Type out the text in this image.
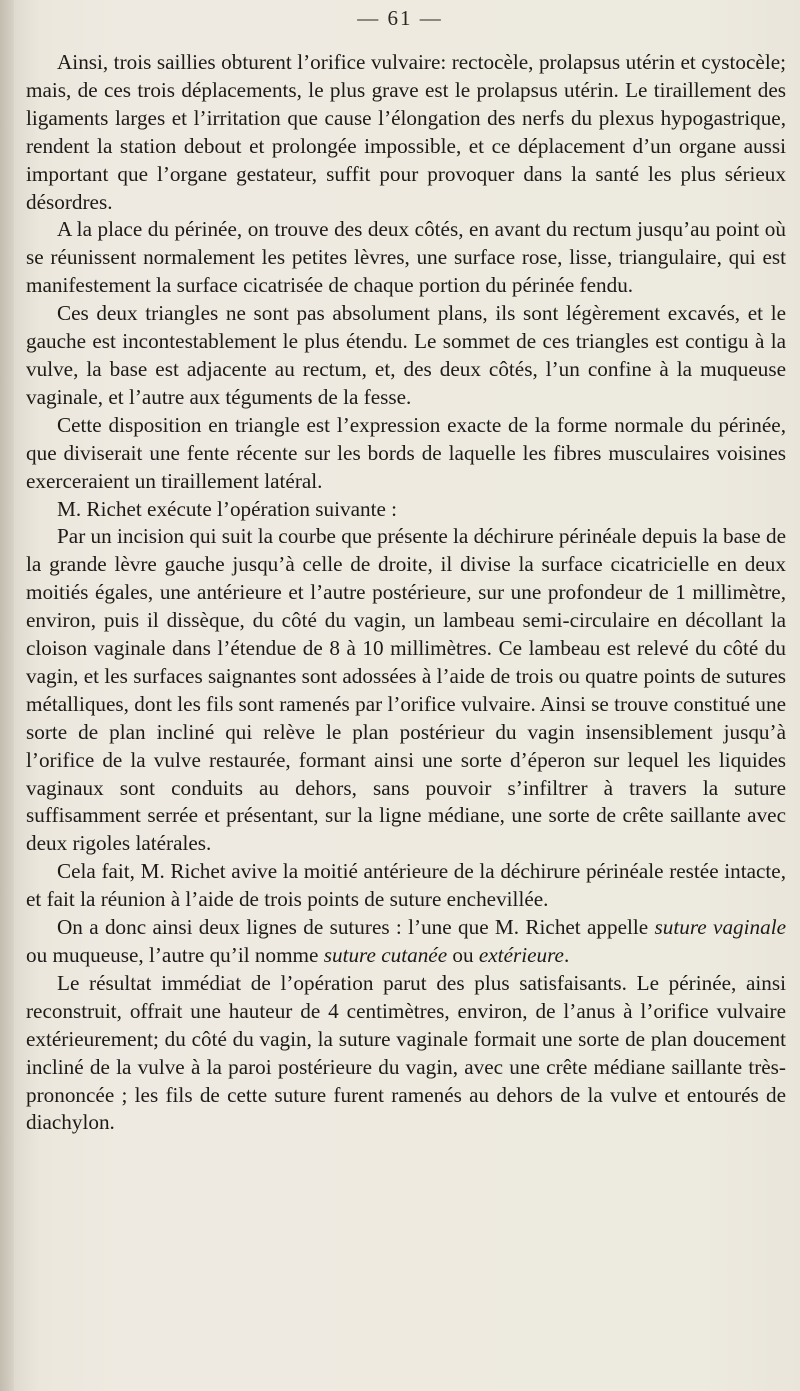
— 61 —

Ainsi, trois saillies obturent l’orifice vulvaire: rectocèle, prolapsus utérin et cystocèle; mais, de ces trois déplacements, le plus grave est le prolapsus utérin. Le tiraillement des ligaments larges et l’irritation que cause l’élongation des nerfs du plexus hypogastrique, rendent la station debout et prolongée impossible, et ce déplacement d’un organe aussi important que l’organe gestateur, suffit pour provoquer dans la santé les plus sérieux désordres.

A la place du périnée, on trouve des deux côtés, en avant du rectum jusqu’au point où se réunissent normalement les petites lèvres, une surface rose, lisse, triangulaire, qui est manifestement la surface cicatrisée de chaque portion du périnée fendu.

Ces deux triangles ne sont pas absolument plans, ils sont légèrement excavés, et le gauche est incontestablement le plus étendu. Le sommet de ces triangles est contigu à la vulve, la base est adjacente au rectum, et, des deux côtés, l’un confine à la muqueuse vaginale, et l’autre aux téguments de la fesse.

Cette disposition en triangle est l’expression exacte de la forme normale du périnée, que diviserait une fente récente sur les bords de laquelle les fibres musculaires voisines exerceraient un tiraillement latéral.

M. Richet exécute l’opération suivante :

Par un incision qui suit la courbe que présente la déchirure périnéale depuis la base de la grande lèvre gauche jusqu’à celle de droite, il divise la surface cicatricielle en deux moitiés égales, une antérieure et l’autre postérieure, sur une profondeur de 1 millimètre, environ, puis il dissèque, du côté du vagin, un lambeau semi-circulaire en décollant la cloison vaginale dans l’étendue de 8 à 10 millimètres. Ce lambeau est relevé du côté du vagin, et les surfaces saignantes sont adossées à l’aide de trois ou quatre points de sutures métalliques, dont les fils sont ramenés par l’orifice vulvaire. Ainsi se trouve constitué une sorte de plan incliné qui relève le plan postérieur du vagin insensiblement jusqu’à l’orifice de la vulve restaurée, formant ainsi une sorte d’éperon sur lequel les liquides vaginaux sont conduits au dehors, sans pouvoir s’infiltrer à travers la suture suffisamment serrée et présentant, sur la ligne médiane, une sorte de crête saillante avec deux rigoles latérales.

Cela fait, M. Richet avive la moitié antérieure de la déchirure périnéale restée intacte, et fait la réunion à l’aide de trois points de suture enchevillée.

On a donc ainsi deux lignes de sutures : l’une que M. Richet appelle suture vaginale ou muqueuse, l’autre qu’il nomme suture cutanée ou extérieure.

Le résultat immédiat de l’opération parut des plus satisfaisants. Le périnée, ainsi reconstruit, offrait une hauteur de 4 centimètres, environ, de l’anus à l’orifice vulvaire extérieurement; du côté du vagin, la suture vaginale formait une sorte de plan doucement incliné de la vulve à la paroi postérieure du vagin, avec une crête médiane saillante très-prononcée ; les fils de cette suture furent ramenés au dehors de la vulve et entourés de diachylon.
